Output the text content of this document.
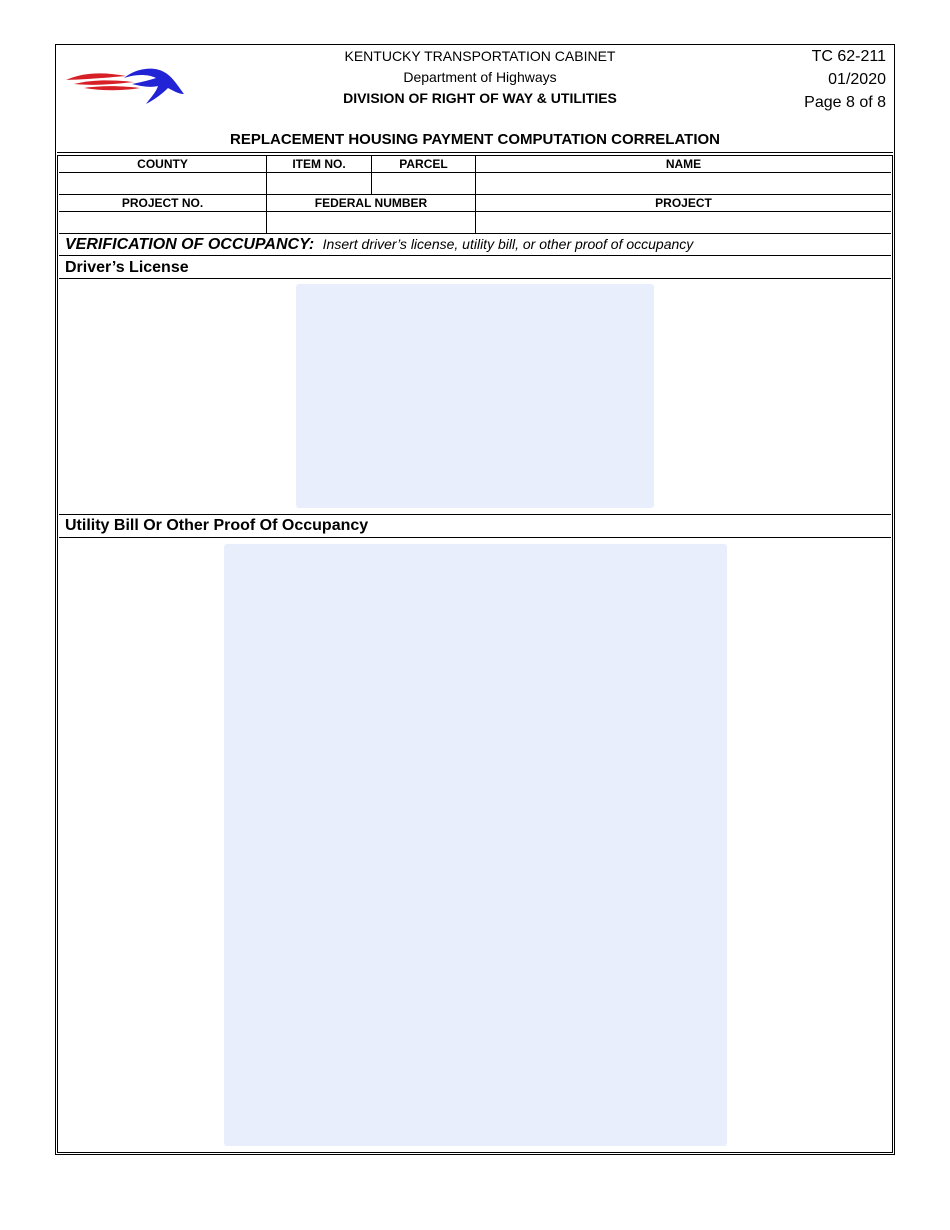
KENTUCKY TRANSPORTATION CABINET
Department of Highways
DIVISION OF RIGHT OF WAY & UTILITIES
TC 62-211
01/2020
Page 8 of 8
REPLACEMENT HOUSING PAYMENT COMPUTATION CORRELATION
COUNTY	ITEM NO.	PARCEL	NAME
PROJECT NO.	FEDERAL NUMBER	PROJECT
VERIFICATION OF OCCUPANCY: Insert driver’s license, utility bill, or other proof of occupancy
Driver’s License
Utility Bill Or Other Proof Of Occupancy
